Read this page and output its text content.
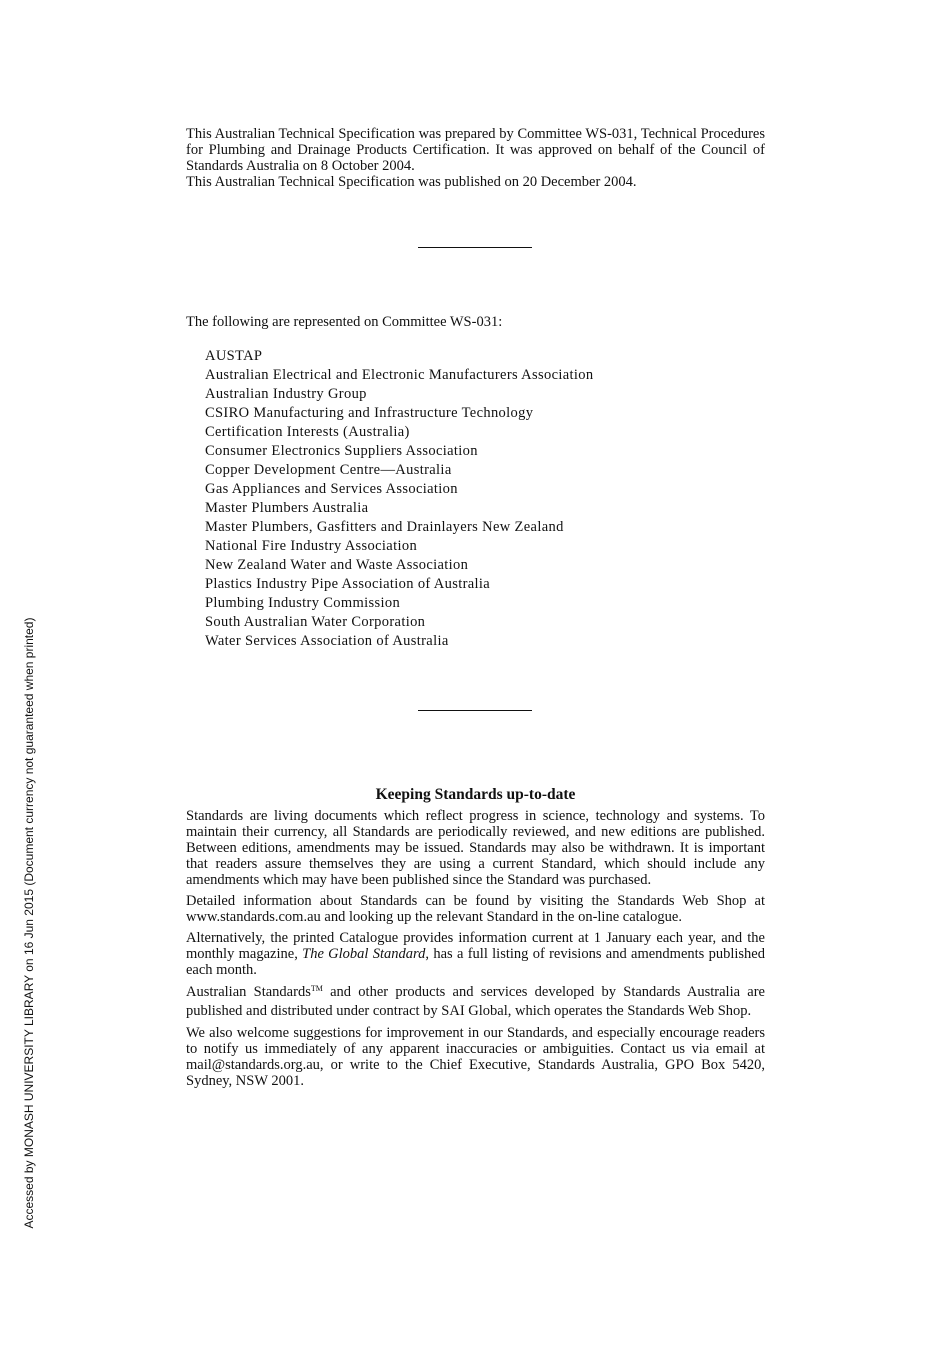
This Australian Technical Specification was prepared by Committee WS-031, Technical Procedures for Plumbing and Drainage Products Certification. It was approved on behalf of the Council of Standards Australia on 8 October 2004.

This Australian Technical Specification was published on 20 December 2004.

The following are represented on Committee WS-031:

AUSTAP
Australian Electrical and Electronic Manufacturers Association
Australian Industry Group
CSIRO Manufacturing and Infrastructure Technology
Certification Interests (Australia)
Consumer Electronics Suppliers Association
Copper Development Centre—Australia
Gas Appliances and Services Association
Master Plumbers Australia
Master Plumbers, Gasfitters and Drainlayers New Zealand
National Fire Industry Association
New Zealand Water and Waste Association
Plastics Industry Pipe Association of Australia
Plumbing Industry Commission
South Australian Water Corporation
Water Services Association of Australia
Keeping Standards up-to-date

Standards are living documents which reflect progress in science, technology and systems. To maintain their currency, all Standards are periodically reviewed, and new editions are published. Between editions, amendments may be issued. Standards may also be withdrawn. It is important that readers assure themselves they are using a current Standard, which should include any amendments which may have been published since the Standard was purchased.

Detailed information about Standards can be found by visiting the Standards Web Shop at www.standards.com.au and looking up the relevant Standard in the on-line catalogue.

Alternatively, the printed Catalogue provides information current at 1 January each year, and the monthly magazine, The Global Standard, has a full listing of revisions and amendments published each month.

Australian Standards™ and other products and services developed by Standards Australia are published and distributed under contract by SAI Global, which operates the Standards Web Shop.

We also welcome suggestions for improvement in our Standards, and especially encourage readers to notify us immediately of any apparent inaccuracies or ambiguities. Contact us via email at mail@standards.org.au, or write to the Chief Executive, Standards Australia, GPO Box 5420, Sydney, NSW 2001.

Accessed by MONASH UNIVERSITY LIBRARY on 16 Jun 2015 (Document currency not guaranteed when printed)
